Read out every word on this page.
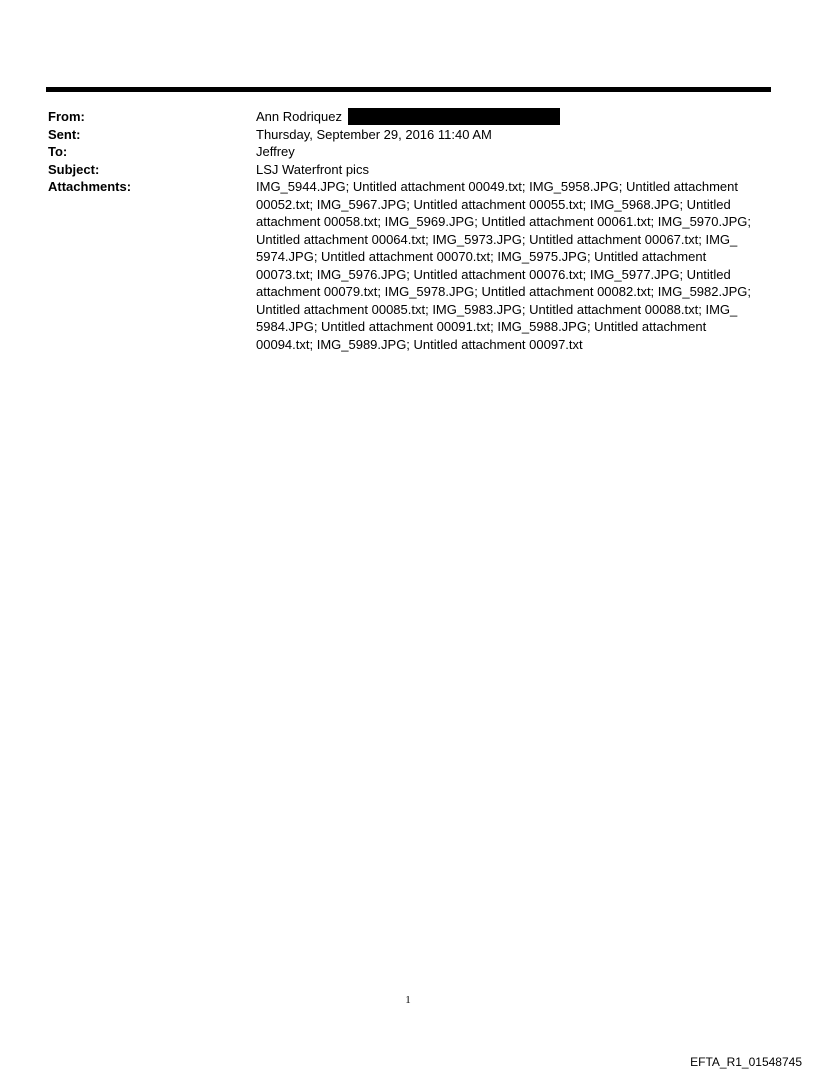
From:	Ann Rodriquez
Sent:	Thursday, September 29, 2016 11:40 AM
To:	Jeffrey
Subject:	LSJ Waterfront pics
Attachments:	IMG_5944.JPG; Untitled attachment 00049.txt; IMG_5958.JPG; Untitled attachment 00052.txt; IMG_5967.JPG; Untitled attachment 00055.txt; IMG_5968.JPG; Untitled attachment 00058.txt; IMG_5969.JPG; Untitled attachment 00061.txt; IMG_5970.JPG; Untitled attachment 00064.txt; IMG_5973.JPG; Untitled attachment 00067.txt; IMG_ 5974.JPG; Untitled attachment 00070.txt; IMG_5975.JPG; Untitled attachment 00073.txt; IMG_5976.JPG; Untitled attachment 00076.txt; IMG_5977.JPG; Untitled attachment 00079.txt; IMG_5978.JPG; Untitled attachment 00082.txt; IMG_5982.JPG; Untitled attachment 00085.txt; IMG_5983.JPG; Untitled attachment 00088.txt; IMG_ 5984.JPG; Untitled attachment 00091.txt; IMG_5988.JPG; Untitled attachment 00094.txt; IMG_5989.JPG; Untitled attachment 00097.txt
1
EFTA_R1_01548745
